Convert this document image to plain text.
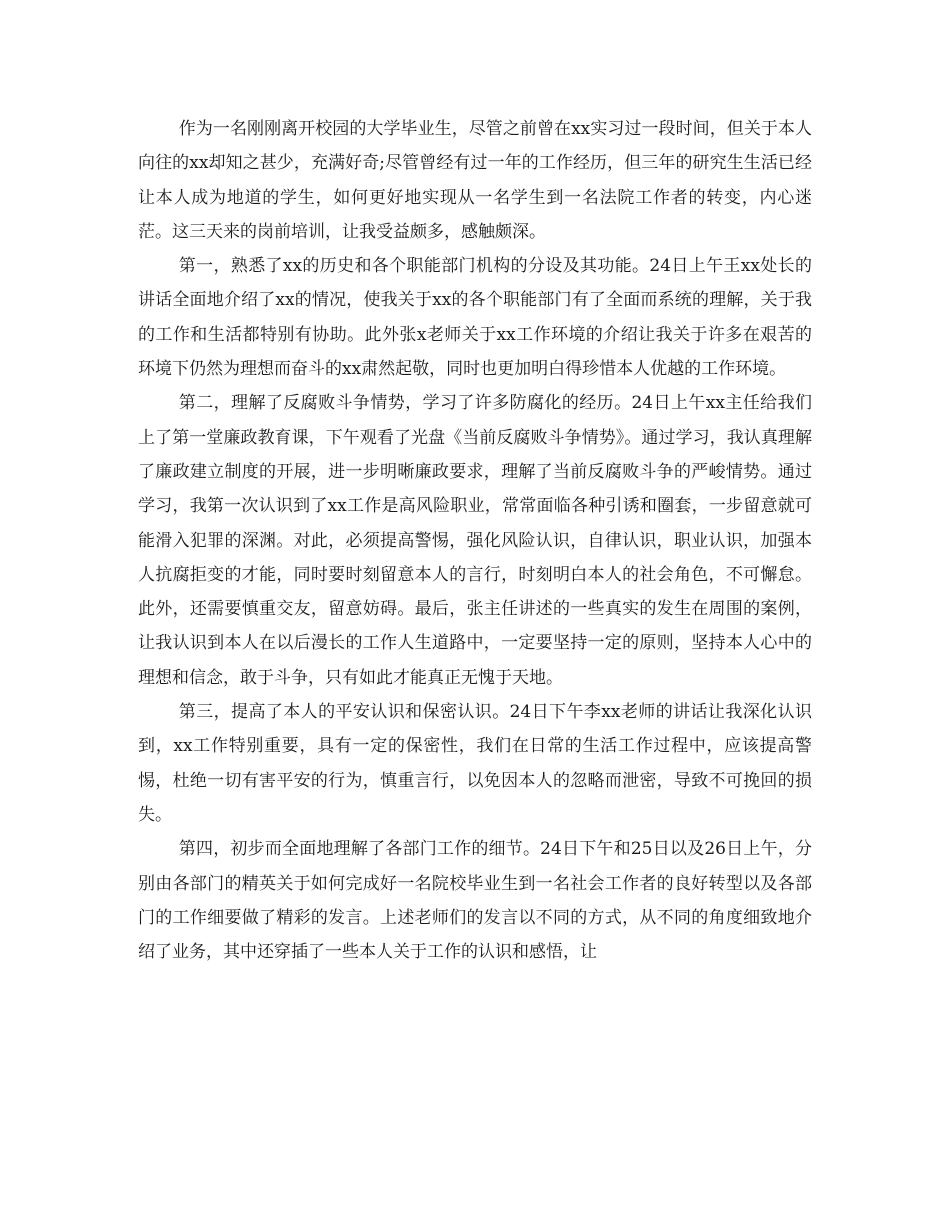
作为一名刚刚离开校园的大学毕业生，尽管之前曾在xx实习过一段时间，但关于本人向往的xx却知之甚少，充满好奇;尽管曾经有过一年的工作经历，但三年的研究生生活已经让本人成为地道的学生，如何更好地实现从一名学生到一名法院工作者的转变，内心迷茫。这三天来的岗前培训，让我受益颇多，感触颇深。

第一，熟悉了xx的历史和各个职能部门机构的分设及其功能。24日上午王xx处长的讲话全面地介绍了xx的情况，使我关于xx的各个职能部门有了全面而系统的理解，关于我的工作和生活都特别有协助。此外张x老师关于xx工作环境的介绍让我关于许多在艰苦的环境下仍然为理想而奋斗的xx肃然起敬，同时也更加明白得珍惜本人优越的工作环境。

第二，理解了反腐败斗争情势，学习了许多防腐化的经历。24日上午xx主任给我们上了第一堂廉政教育课，下午观看了光盘《当前反腐败斗争情势》。通过学习，我认真理解了廉政建立制度的开展，进一步明晰廉政要求，理解了当前反腐败斗争的严峻情势。通过学习，我第一次认识到了xx工作是高风险职业，常常面临各种引诱和圈套，一步留意就可能滑入犯罪的深渊。对此，必须提高警惕，强化风险认识，自律认识，职业认识，加强本人抗腐拒变的才能，同时要时刻留意本人的言行，时刻明白本人的社会角色，不可懈怠。此外，还需要慎重交友，留意妨碍。最后，张主任讲述的一些真实的发生在周围的案例，让我认识到本人在以后漫长的工作人生道路中，一定要坚持一定的原则，坚持本人心中的理想和信念，敢于斗争，只有如此才能真正无愧于天地。

第三，提高了本人的平安认识和保密认识。24日下午李xx老师的讲话让我深化认识到，xx工作特别重要，具有一定的保密性，我们在日常的生活工作过程中，应该提高警惕，杜绝一切有害平安的行为，慎重言行，以免因本人的忽略而泄密，导致不可挽回的损失。

第四，初步而全面地理解了各部门工作的细节。24日下午和25日以及26日上午，分别由各部门的精英关于如何完成好一名院校毕业生到一名社会工作者的良好转型以及各部门的工作细要做了精彩的发言。上述老师们的发言以不同的方式，从不同的角度细致地介绍了业务，其中还穿插了一些本人关于工作的认识和感悟，让
